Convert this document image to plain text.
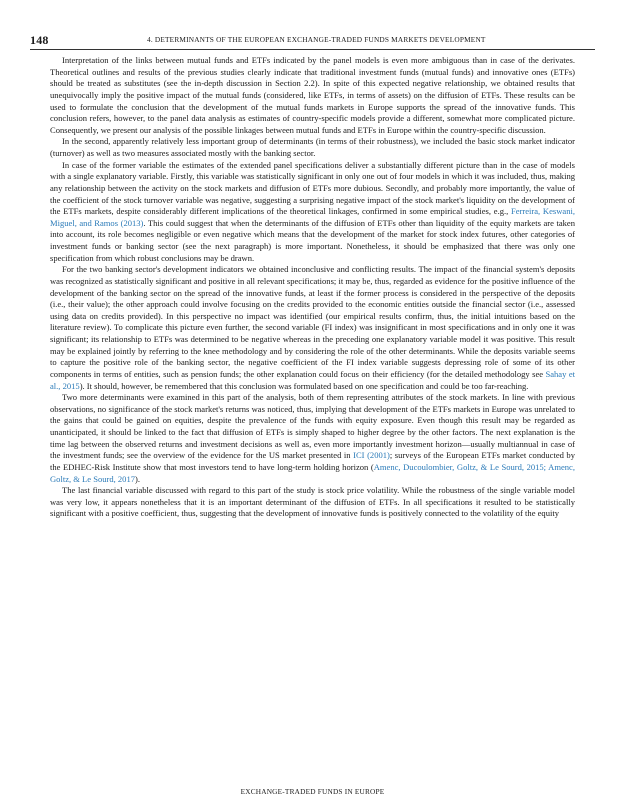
148	4. DETERMINANTS OF THE EUROPEAN EXCHANGE-TRADED FUNDS MARKETS DEVELOPMENT

Interpretation of the links between mutual funds and ETFs indicated by the panel models is even more ambiguous than in case of the derivates. Theoretical outlines and results of the previous studies clearly indicate that traditional investment funds (mutual funds) and innovative ones (ETFs) should be treated as substitutes (see the in-depth discussion in Section 2.2). In spite of this expected negative relationship, we obtained results that unequivocally imply the positive impact of the mutual funds (considered, like ETFs, in terms of assets) on the diffusion of ETFs. These results can be used to formulate the conclusion that the development of the mutual funds markets in Europe supports the spread of the innovative funds. This conclusion refers, however, to the panel data analysis as estimates of country-specific models provide a different, somewhat more complicated picture. Consequently, we present our analysis of the possible linkages between mutual funds and ETFs in Europe within the country-specific discussion.

In the second, apparently relatively less important group of determinants (in terms of their robustness), we included the basic stock market indicator (turnover) as well as two measures associated mostly with the banking sector.

In case of the former variable the estimates of the extended panel specifications deliver a substantially different picture than in the case of models with a single explanatory variable. Firstly, this variable was statistically significant in only one out of four models in which it was included, thus, making any relationship between the activity on the stock markets and diffusion of ETFs more dubious. Secondly, and probably more importantly, the value of the coefficient of the stock turnover variable was negative, suggesting a surprising negative impact of the stock market's liquidity on the development of the ETFs markets, despite considerably different implications of the theoretical linkages, confirmed in some empirical studies, e.g., Ferreira, Keswani, Miguel, and Ramos (2013). This could suggest that when the determinants of the diffusion of ETFs other than liquidity of the equity markets are taken into account, its role becomes negligible or even negative which means that the development of the market for stock index futures, other categories of investment funds or banking sector (see the next paragraph) is more important. Nonetheless, it should be emphasized that there was only one specification from which robust conclusions may be drawn.

For the two banking sector's development indicators we obtained inconclusive and conflicting results. The impact of the financial system's deposits was recognized as statistically significant and positive in all relevant specifications; it may be, thus, regarded as evidence for the positive influence of the development of the banking sector on the spread of the innovative funds, at least if the former process is considered in the perspective of the deposits (i.e., their value); the other approach could involve focusing on the credits provided to the economic entities outside the financial sector (i.e., assessed using data on credits provided). In this perspective no impact was identified (our empirical results confirm, thus, the initial intuitions based on the literature review). To complicate this picture even further, the second variable (FI index) was insignificant in most specifications and in only one it was significant; its relationship to ETFs was determined to be negative whereas in the preceding one explanatory variable model it was positive. This result may be explained jointly by referring to the knee methodology and by considering the role of the other determinants. While the deposits variable seems to capture the positive role of the banking sector, the negative coefficient of the FI index variable suggests depressing role of some of its other components in terms of entities, such as pension funds; the other explanation could focus on their efficiency (for the detailed methodology see Sahay et al., 2015). It should, however, be remembered that this conclusion was formulated based on one specification and could be too far-reaching.

Two more determinants were examined in this part of the analysis, both of them representing attributes of the stock markets. In line with previous observations, no significance of the stock market's returns was noticed, thus, implying that development of the ETFs markets in Europe was unrelated to the gains that could be gained on equities, despite the prevalence of the funds with equity exposure. Even though this result may be regarded as unanticipated, it should be linked to the fact that diffusion of ETFs is simply shaped to higher degree by the other factors. The next explanation is the time lag between the observed returns and investment decisions as well as, even more importantly investment horizon—usually multiannual in case of the investment funds; see the overview of the evidence for the US market presented in ICI (2001); surveys of the European ETFs market conducted by the EDHEC-Risk Institute show that most investors tend to have long-term holding horizon (Amenc, Ducoulombier, Goltz, & Le Sourd, 2015; Amenc, Goltz, & Le Sourd, 2017).

The last financial variable discussed with regard to this part of the study is stock price volatility. While the robustness of the single variable model was very low, it appears nonetheless that it is an important determinant of the diffusion of ETFs. In all specifications it resulted to be statistically significant with a positive coefficient, thus, suggesting that the development of innovative funds is positively connected to the volatility of the equity

EXCHANGE-TRADED FUNDS IN EUROPE
